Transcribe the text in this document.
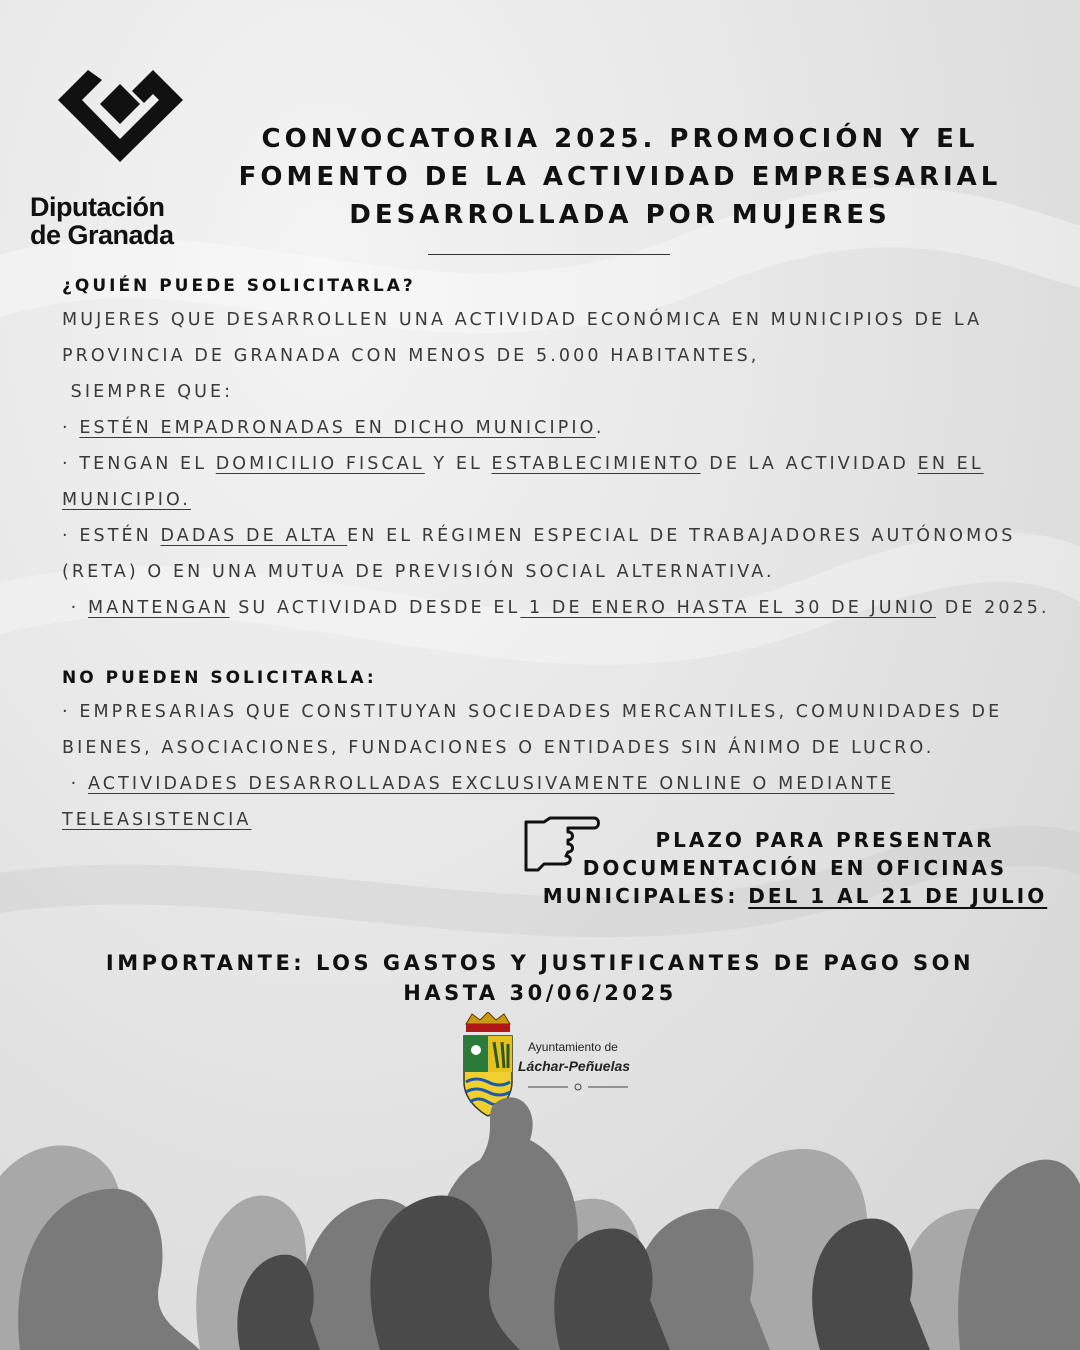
Diputación
de Granada
CONVOCATORIA 2025. PROMOCIÓN Y EL FOMENTO DE LA ACTIVIDAD EMPRESARIAL DESARROLLADA POR MUJERES
¿QUIÉN PUEDE SOLICITARLA?
MUJERES QUE DESARROLLEN UNA ACTIVIDAD ECONÓMICA EN MUNICIPIOS DE LA
PROVINCIA DE GRANADA CON MENOS DE 5.000 HABITANTES,
SIEMPRE QUE:
· ESTÉN EMPADRONADAS EN DICHO MUNICIPIO.
· TENGAN EL DOMICILIO FISCAL Y EL ESTABLECIMIENTO DE LA ACTIVIDAD EN EL
MUNICIPIO.
· ESTÉN DADAS DE ALTA EN EL RÉGIMEN ESPECIAL DE TRABAJADORES AUTÓNOMOS
(RETA) O EN UNA MUTUA DE PREVISIÓN SOCIAL ALTERNATIVA.
· MANTENGAN SU ACTIVIDAD DESDE EL 1 DE ENERO HASTA EL 30 DE JUNIO DE 2025.
NO PUEDEN SOLICITARLA:
· EMPRESARIAS QUE CONSTITUYAN SOCIEDADES MERCANTILES, COMUNIDADES DE
BIENES, ASOCIACIONES, FUNDACIONES O ENTIDADES SIN ÁNIMO DE LUCRO.
· ACTIVIDADES DESARROLLADAS EXCLUSIVAMENTE ONLINE O MEDIANTE
TELEASISTENCIA
PLAZO PARA PRESENTAR
DOCUMENTACIÓN EN OFICINAS
MUNICIPALES: DEL 1 AL 21 DE JULIO
IMPORTANTE: LOS GASTOS Y JUSTIFICANTES DE PAGO SON
HASTA 30/06/2025
Ayuntamiento de
Láchar-Peñuelas
